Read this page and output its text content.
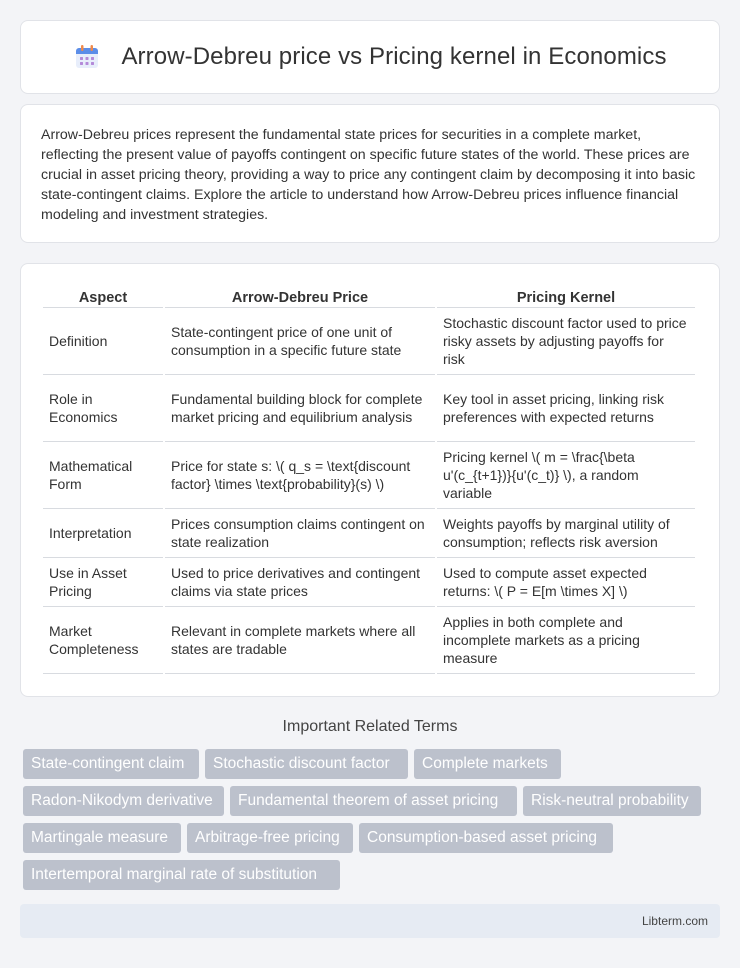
Arrow-Debreu price vs Pricing kernel in Economics

Arrow-Debreu prices represent the fundamental state prices for securities in a complete market, reflecting the present value of payoffs contingent on specific future states of the world. These prices are crucial in asset pricing theory, providing a way to price any contingent claim by decomposing it into basic state-contingent claims. Explore the article to understand how Arrow-Debreu prices influence financial modeling and investment strategies.

Aspect	Arrow-Debreu Price	Pricing Kernel
Definition	State-contingent price of one unit of consumption in a specific future state	Stochastic discount factor used to price risky assets by adjusting payoffs for risk
Role in Economics	Fundamental building block for complete market pricing and equilibrium analysis	Key tool in asset pricing, linking risk preferences with expected returns
Mathematical Form	Price for state s: \( q_s = \text{discount factor} \times \text{probability}(s) \)	Pricing kernel \( m = \frac{\beta u'(c_{t+1})}{u'(c_t)} \), a random variable
Interpretation	Prices consumption claims contingent on state realization	Weights payoffs by marginal utility of consumption; reflects risk aversion
Use in Asset Pricing	Used to price derivatives and contingent claims via state prices	Used to compute asset expected returns: \( P = E[m \times X] \)
Market Completeness	Relevant in complete markets where all states are tradable	Applies in both complete and incomplete markets as a pricing measure
Important Related Terms
State-contingent claim	Stochastic discount factor	Complete markets
Radon-Nikodym derivative	Fundamental theorem of asset pricing	Risk-neutral probability
Martingale measure	Arbitrage-free pricing	Consumption-based asset pricing
Intertemporal marginal rate of substitution
Libterm.com
